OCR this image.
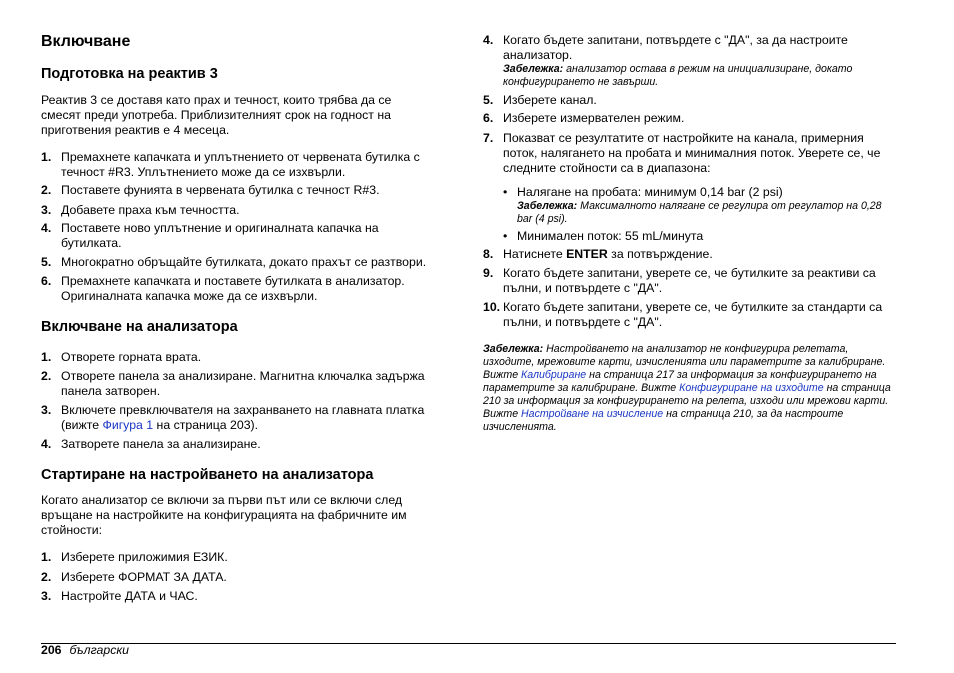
Включване
Подготовка на реактив 3

Реактив 3 се доставя като прах и течност, които трябва да се смесят преди употреба. Приблизителният срок на годност на приготвения реактив е 4 месеца.

1. Премахнете капачката и уплътнението от червената бутилка с течност #R3. Уплътнението може да се изхвърли.
2. Поставете фунията в червената бутилка с течност R#3.
3. Добавете праха към течността.
4. Поставете ново уплътнение и оригиналната капачка на бутилката.
5. Многократно обръщайте бутилката, докато прахът се разтвори.
6. Премахнете капачката и поставете бутилката в анализатор. Оригиналната капачка може да се изхвърли.
Включване на анализатора
1. Отворете горната врата.
2. Отворете панела за анализиране. Магнитна ключалка задържа панела затворен.
3. Включете превключвателя на захранването на главната платка (вижте Фигура 1 на страница 203).
4. Затворете панела за анализиране.
Стартиране на настройването на анализатора

Когато анализатор се включи за първи път или се включи след връщане на настройките на конфигурацията на фабричните им стойности:

1. Изберете приложимия ЕЗИК.
2. Изберете ФОРМАТ ЗА ДАТА.
3. Настройте ДАТА и ЧАС.
4. Когато бъдете запитани, потвърдете с "ДА", за да настроите анализатор.
Забележка: анализатор остава в режим на инициализиране, докато конфигурирането не завърши.
5. Изберете канал.
6. Изберете измервателен режим.
7. Показват се резултатите от настройките на канала, примерния поток, налягането на пробата и минималния поток. Уверете се, че следните стойности са в диапазона:
• Налягане на пробата: минимум 0,14 bar (2 psi)
Забележка: Максималното налягане се регулира от регулатор на 0,28 bar (4 psi).
• Минимален поток: 55 mL/минута
8. Натиснете ENTER за потвърждение.
9. Когато бъдете запитани, уверете се, че бутилките за реактиви са пълни, и потвърдете с "ДА".
10. Когато бъдете запитани, уверете се, че бутилките за стандарти са пълни, и потвърдете с "ДА".

Забележка: Настройването на анализатор не конфигурира релетата, изходите, мрежовите карти, изчисленията или параметрите за калибриране. Вижте Калибриране на страница 217 за информация за конфигурирането на параметрите за калибриране. Вижте Конфигуриране на изходите на страница 210 за информация за конфигурирането на релета, изходи или мрежови карти. Вижте Настройване на изчисление на страница 210, за да настроите изчисленията.

206 български
